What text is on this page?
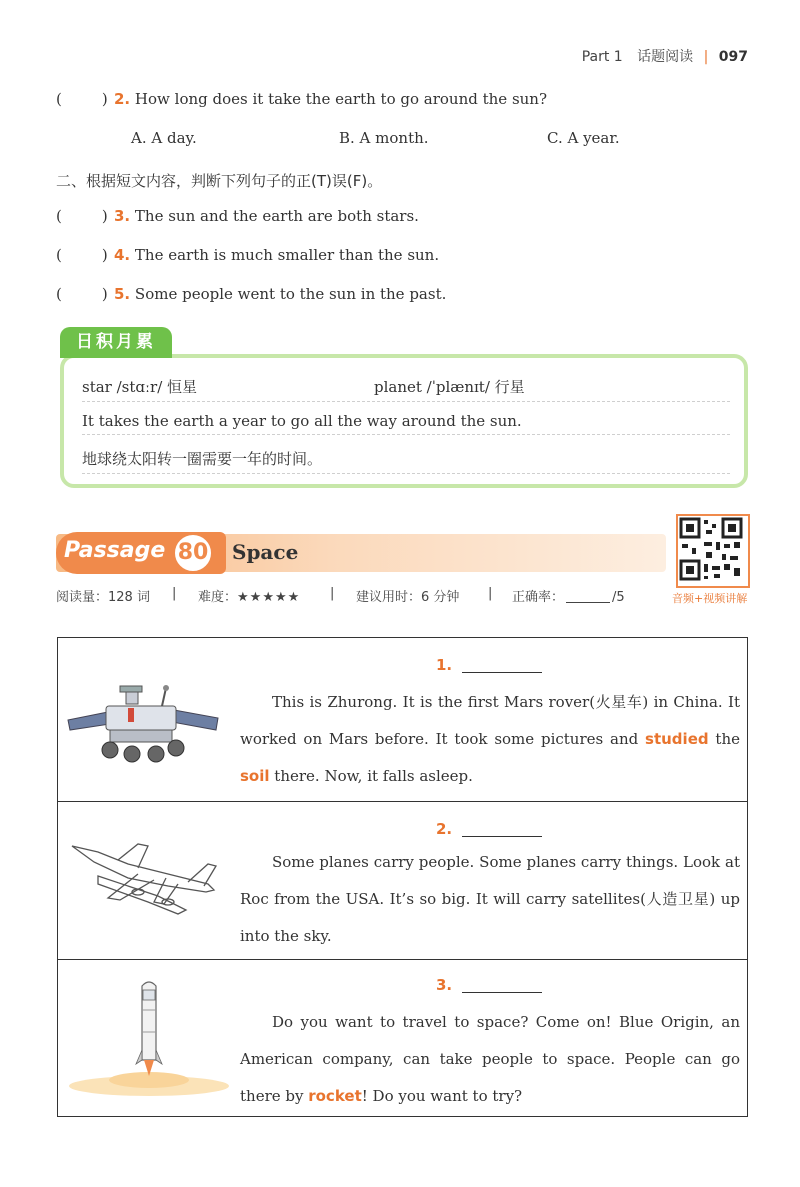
Part 1 话题阅读 | 097
(	) 2. How long does it take the earth to go around the sun?
A. A day.	B. A month.	C. A year.
二、根据短文内容，判断下列句子的正(T)误(F)。
(	) 3. The sun and the earth are both stars.
(	) 4. The earth is much smaller than the sun.
(	) 5. Some people went to the sun in the past.
star /stɑːr/ 恒星	planet /ˈplænɪt/ 行星
It takes the earth a year to go all the way around the sun.
地球绕太阳转一圈需要一年的时间。
日积月累
Passage 80 Space
音频+视频讲解
阅读量：128 词 | 难度：★★★★★ | 建议用时：6 分钟 | 正确率：	/5
1.
This is Zhurong. It is the first Mars rover(火星车) in China. It worked on Mars before. It took some pictures and studied the soil there. Now, it falls asleep.
2.
Some planes carry people. Some planes carry things. Look at Roc from the USA. It’s so big. It will carry satellites(人造卫星) up into the sky.
3.
Do you want to travel to space? Come on! Blue Origin, an American company, can take people to space. People can go there by rocket! Do you want to try?
